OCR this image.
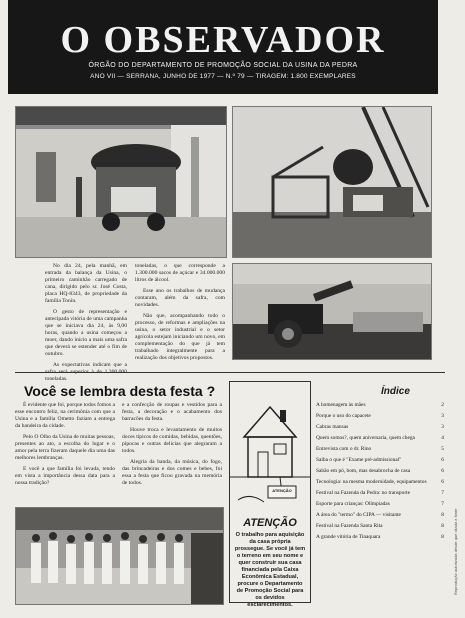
O OBSERVADOR
ÓRGÃO DO DEPARTAMENTO DE PROMOÇÃO SOCIAL DA USINA DA PEDRA
ANO VII — SERRANA, JUNHO DE 1977 — N.º 79 — TIRAGEM: 1.800 EXEMPLARES

No dia 24, pela manhã, em entrada da balança da Usina, o primeiro caminhão carregado de cana, dirigido pelo sr. José Costa, placa HQ-8343, de propriedade da família Tonin.

O gesto de representação e antecipada vitória de uma campanha que se iniciava dia 24, às 9,00 horas, quando a usina começou a moer, dando início a mais uma safra que deverá se estender até o fim de outubro.

As expectativas indicam que a toneladas.

toneladas, o que corresponde a 1.300.000 sacos de açúcar e 34.000.000 litros de álcool.

Esse ano os trabalhos de mudança contaram, além da safra, com novidades.

Não que, acompanhando todo o processo, de reformas e ampliações na usina, o setor industrial e o setor agrícola estejam iniciando um novo, em complementação do que já tem trabalhado integralmente para a realização dos objetivos propostos.

Você se lembra desta festa ?

É evidente que foi, porque todos fomos a esse encontro feliz, na cerimônia com que a Usina e a família Ometto faziam a entrega da bandeira da cidade.

Pelo O Olho da Usina de muitas pessoas, presentes ao ato, a escolha do lugar e o amor pela terra fizeram daquele dia uma das melhores lembranças.

E você a que família foi levada, tendo em vista a importância dessa data para a nossa tradição?

e a confecção de roupas e vestidos para a festa, a decoração e o acabamento dos barracões da festa.

Houve troca e levantamento de muitos doces típicos de comidas, bebidas, quentões, pipocas e outras delícias que alegraram a todos.

Alegria da banda, da música, do fogo, das brincadeiras e dos comes e bebes, foi essa a festa que ficou gravada na memória de todos.

ATENÇÃO
ATENÇÃO
O trabalho para aquisição da casa própria prossegue. Se você já tem o terreno em seu nome e quer construir sua casa financiada pela Caixa Econômica Estadual, procure o Departamento de Promoção Social para os devidos esclarecimentos.
Índice
A homenagem às mães	2
Porque o uso do capacete	3
Cabras mansas	3
Quem somos?, quem aniversaria, quem chega	4
Entrevista com o dr. Rino	5
Saiba o que é "Exame pré-admissional"	6
Sabão em pó, bom, mas desabrocha de casa	6
Tecnologia: na mesma modernidade, equipamentos	6
Festival na Fazenda da Pedra: no transporte	7
Esporte para crianças: Olímpiadas	7
A área do "termo" do CIPA — visitante	8
Festival na Fazenda Santa Rita	8
A grande vitória de Tinaquara	8 Reprodução autorizada desde que citada a fonte
